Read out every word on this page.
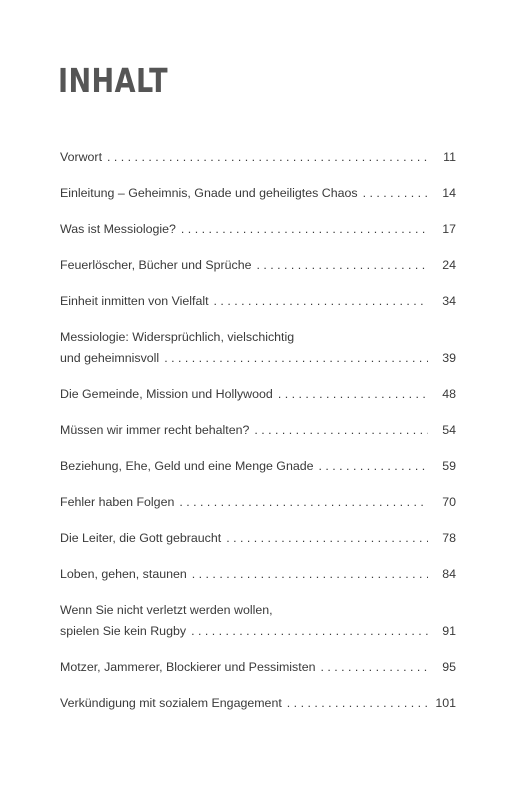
INHALT
Vorwort . . .	11
Einleitung – Geheimnis, Gnade und geheiligtes Chaos . . .	14
Was ist Messiologie? . . .	17
Feuerlöscher, Bücher und Sprüche . . .	24
Einheit inmitten von Vielfalt . . .	34
Messiologie: Widersprüchlich, vielschichtig
und geheimnisvoll . . .	39
Die Gemeinde, Mission und Hollywood . . .	48
Müssen wir immer recht behalten? . . .	54
Beziehung, Ehe, Geld und eine Menge Gnade . . .	59
Fehler haben Folgen . . .	70
Die Leiter, die Gott gebraucht . . .	78
Loben, gehen, staunen . . .	84
Wenn Sie nicht verletzt werden wollen,
spielen Sie kein Rugby . . .	91
Motzer, Jammerer, Blockierer und Pessimisten . . .	95
Verkündigung mit sozialem Engagement . . .	101
